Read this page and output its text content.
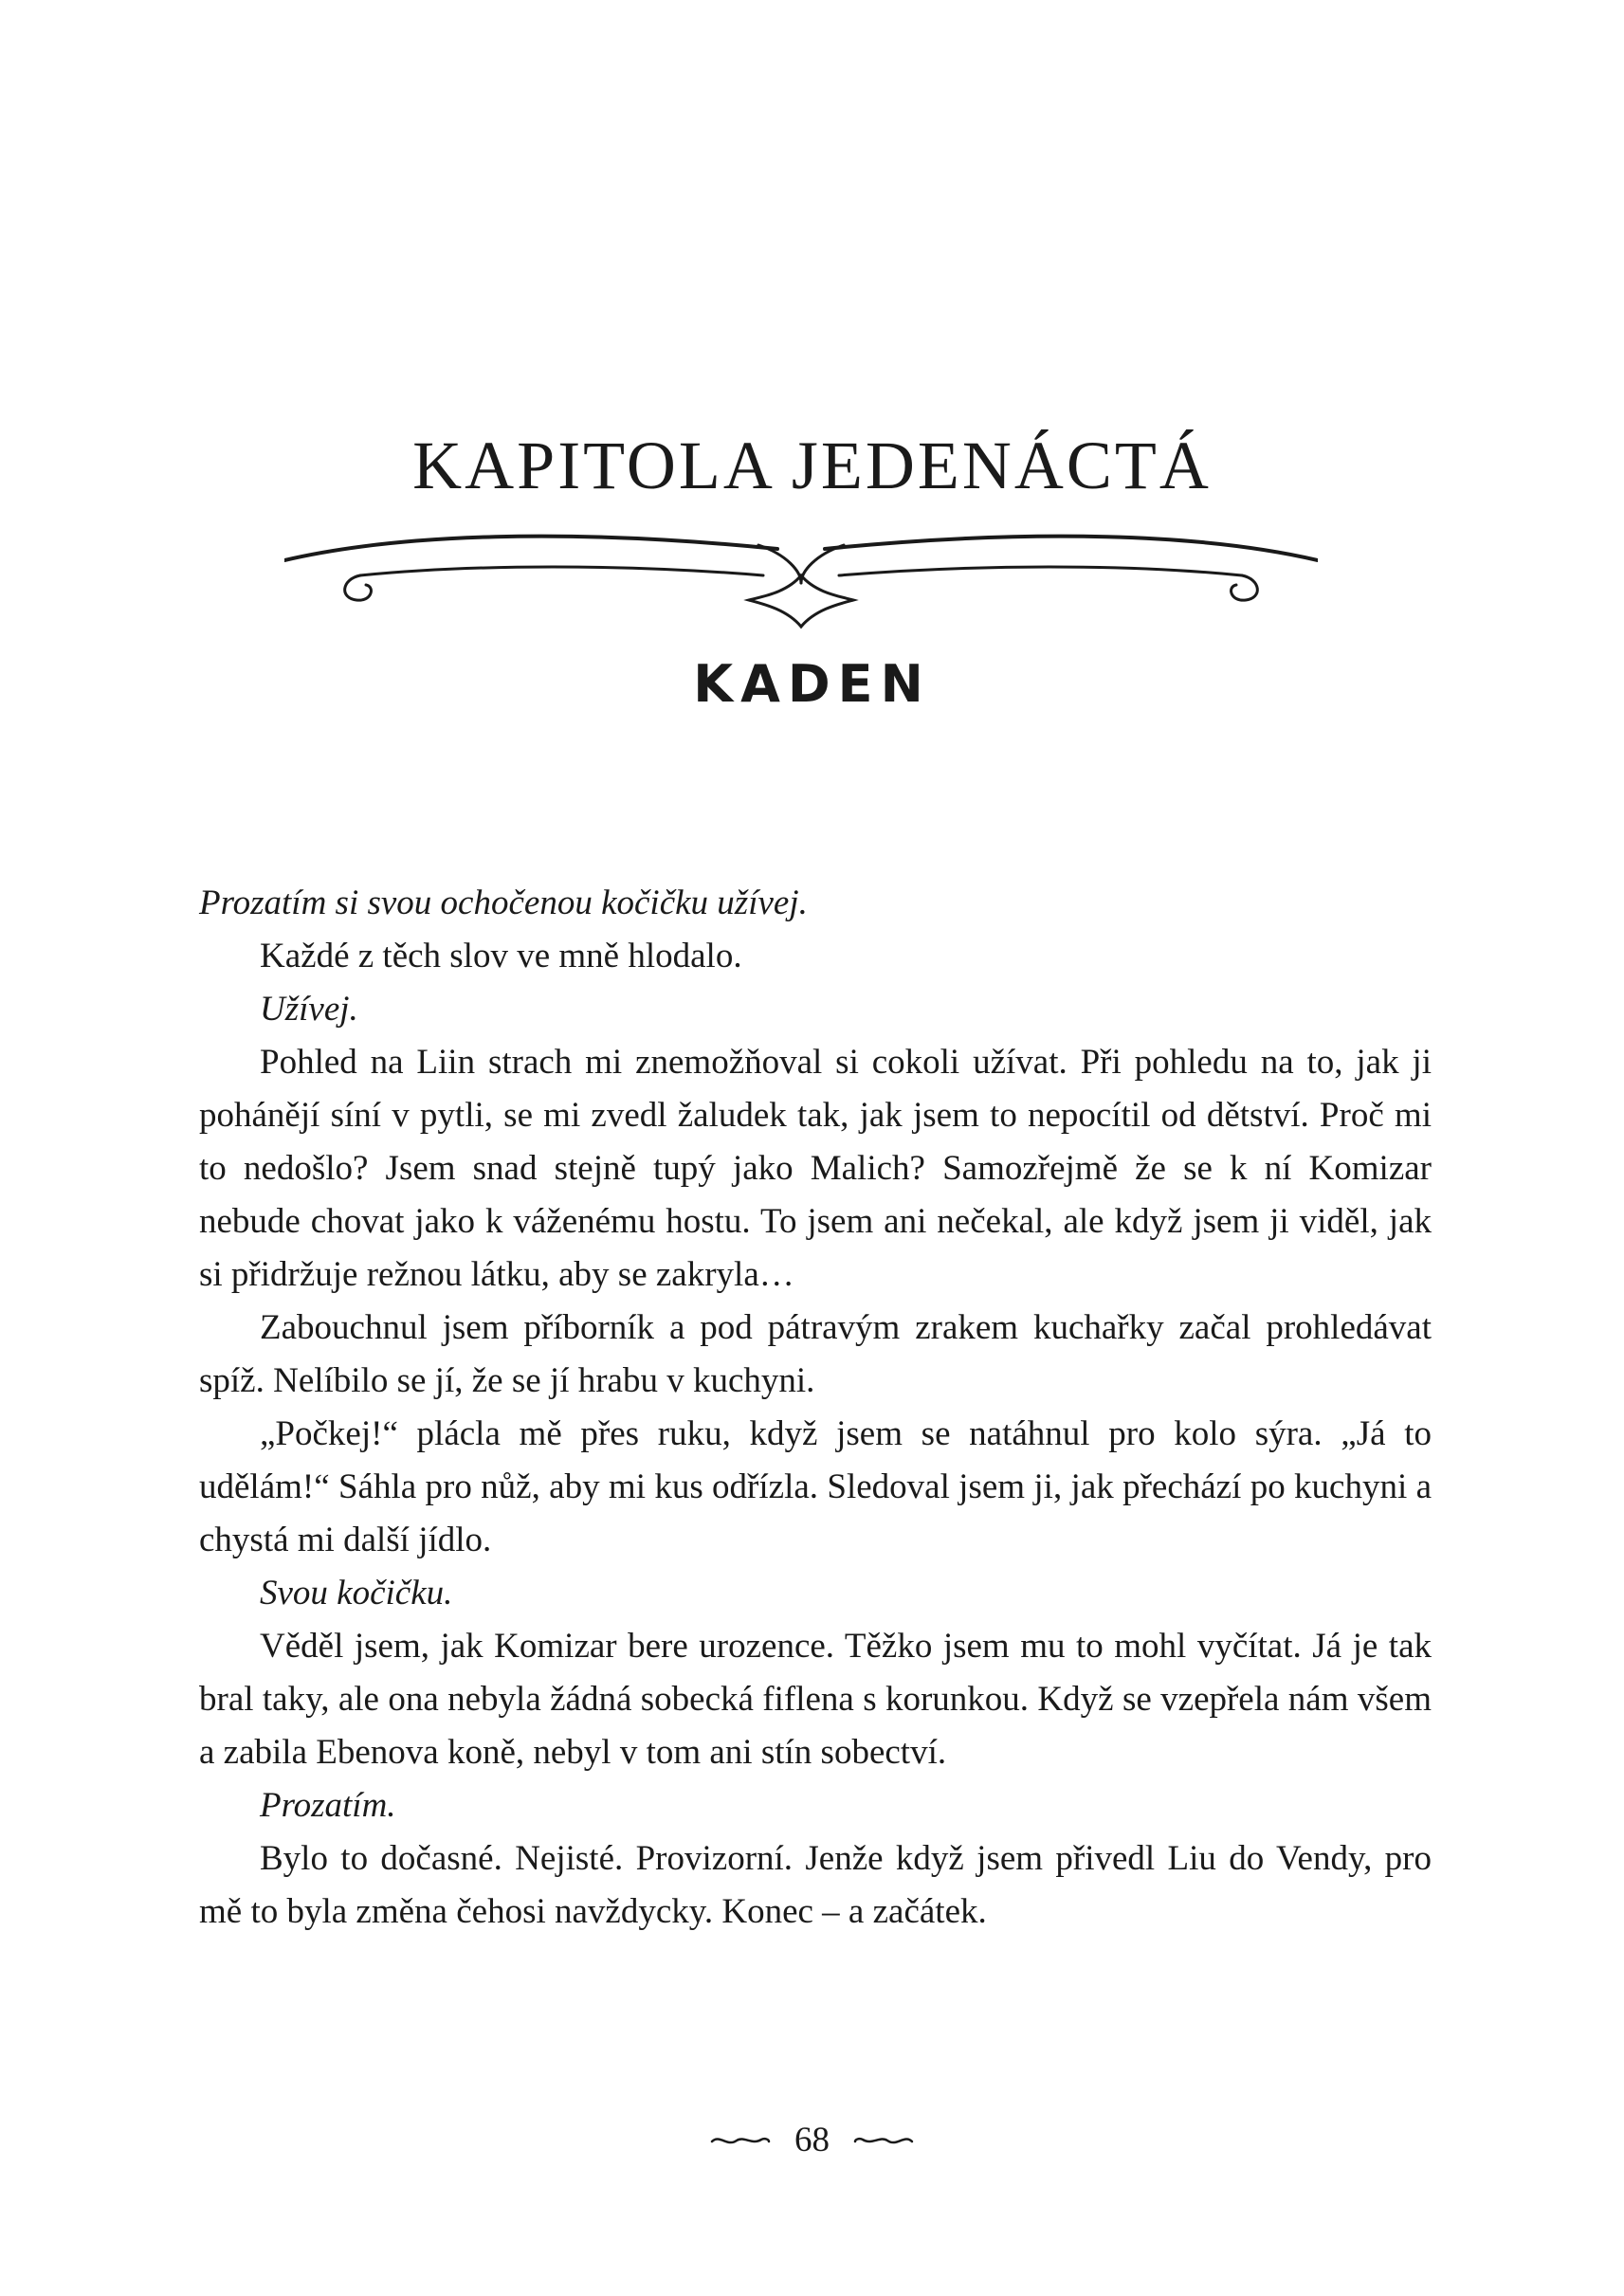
KAPITOLA JEDENÁCTÁ
KADEN

Prozatím si svou ochočenou kočičku užívej.

Každé z těch slov ve mně hlodalo.

Užívej.

Pohled na Liin strach mi znemožňoval si cokoli užívat. Při pohledu na to, jak ji pohánějí síní v pytli, se mi zvedl žaludek tak, jak jsem to nepocítil od dětství. Proč mi to nedošlo? Jsem snad stejně tupý jako Malich? Samozřejmě že se k ní Komizar nebude chovat jako k váženému hostu. To jsem ani nečekal, ale když jsem ji viděl, jak si přidržuje režnou látku, aby se zakryla…

Zabouchnul jsem příborník a pod pátravým zrakem kuchařky začal prohledávat spíž. Nelíbilo se jí, že se jí hrabu v kuchyni.

„Počkej!“ plácla mě přes ruku, když jsem se natáhnul pro kolo sýra. „Já to udělám!“ Sáhla pro nůž, aby mi kus odřízla. Sledoval jsem ji, jak přechází po kuchyni a chystá mi další jídlo.

Svou kočičku.

Věděl jsem, jak Komizar bere urozence. Těžko jsem mu to mohl vyčítat. Já je tak bral taky, ale ona nebyla žádná sobecká fiflena s korunkou. Když se vzepřela nám všem a zabila Ebenova koně, nebyl v tom ani stín sobectví.

Prozatím.

Bylo to dočasné. Nejisté. Provizorní. Jenže když jsem přivedl Liu do Vendy, pro mě to byla změna čehosi navždycky. Konec – a začátek.

68
